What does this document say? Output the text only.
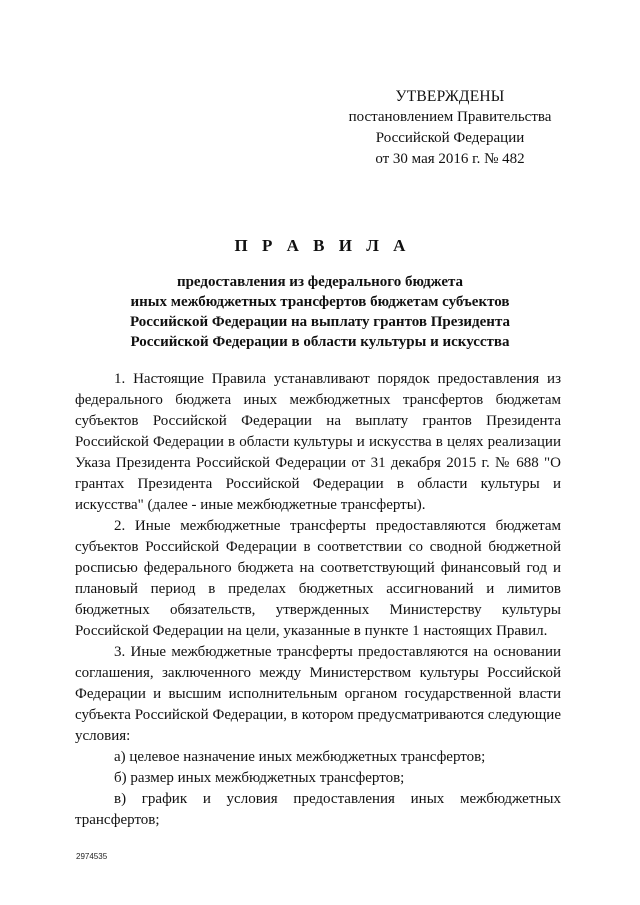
УТВЕРЖДЕНЫ
постановлением Правительства
Российской Федерации
от 30 мая 2016 г. № 482
П Р А В И Л А
предоставления из федерального бюджета
иных межбюджетных трансфертов бюджетам субъектов
Российской Федерации на выплату грантов Президента
Российской Федерации в области культуры и искусства

1. Настоящие Правила устанавливают порядок предоставления из федерального бюджета иных межбюджетных трансфертов бюджетам субъектов Российской Федерации на выплату грантов Президента Российской Федерации в области культуры и искусства в целях реализации Указа Президента Российской Федерации от 31 декабря 2015 г. № 688 "О грантах Президента Российской Федерации в области культуры и искусства" (далее - иные межбюджетные трансферты).

2. Иные межбюджетные трансферты предоставляются бюджетам субъектов Российской Федерации в соответствии со сводной бюджетной росписью федерального бюджета на соответствующий финансовый год и плановый период в пределах бюджетных ассигнований и лимитов бюджетных обязательств, утвержденных Министерству культуры Российской Федерации на цели, указанные в пункте 1 настоящих Правил.

3. Иные межбюджетные трансферты предоставляются на основании соглашения, заключенного между Министерством культуры Российской Федерации и высшим исполнительным органом государственной власти субъекта Российской Федерации, в котором предусматриваются следующие условия:

а) целевое назначение иных межбюджетных трансфертов;

б) размер иных межбюджетных трансфертов;

в) график и условия предоставления иных межбюджетных трансфертов;

2974535
